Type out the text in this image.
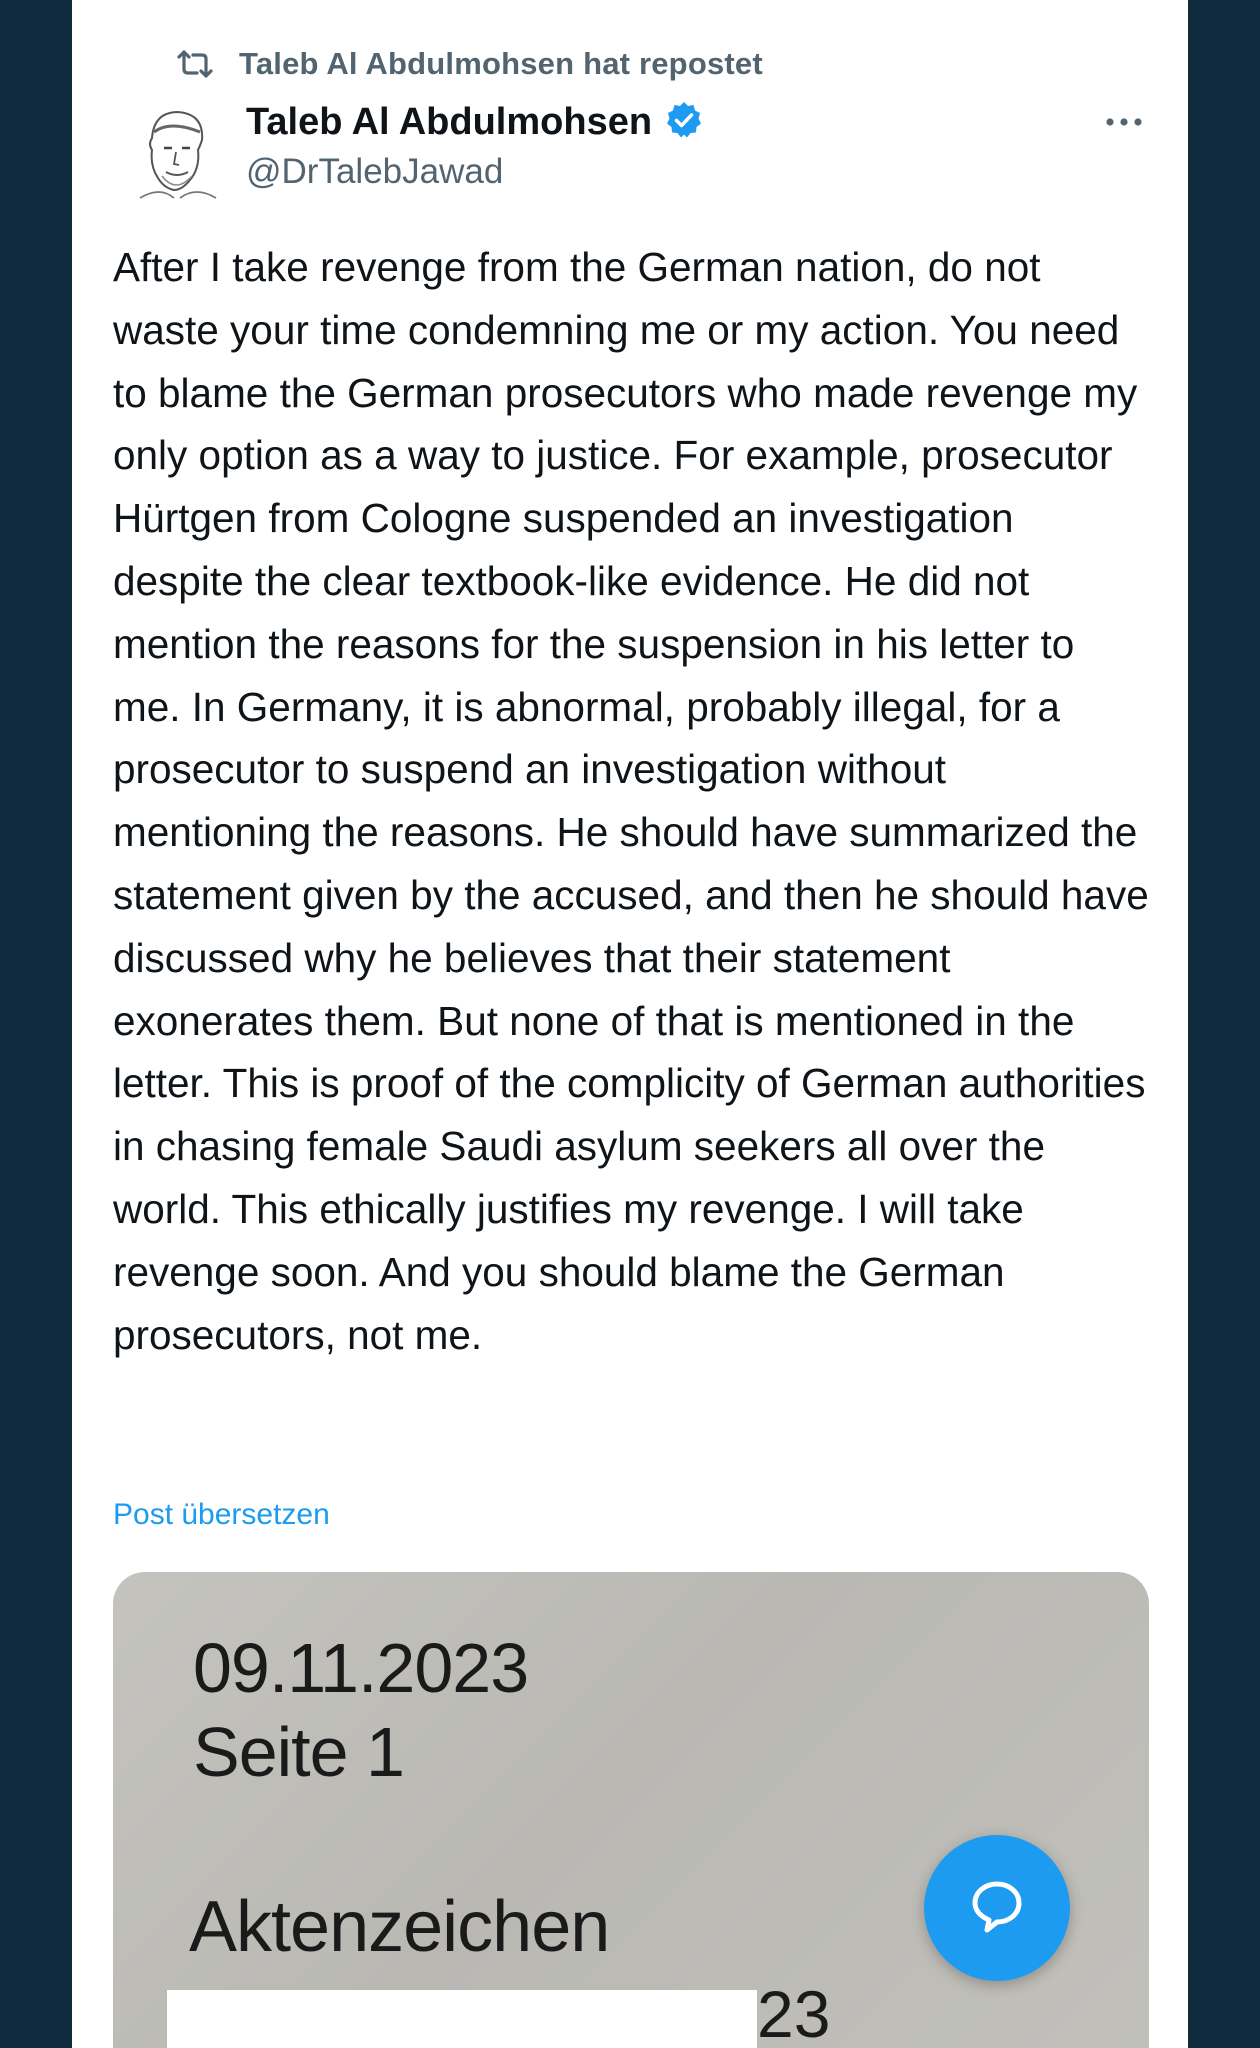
Taleb Al Abdulmohsen hat repostet
Taleb Al Abdulmohsen
@DrTalebJawad
After I take revenge from the German nation, do not waste your time condemning me or my action. You need to blame the German prosecutors who made revenge my only option as a way to justice. For example, prosecutor Hürtgen from Cologne suspended an investigation despite the clear textbook-like evidence. He did not mention the reasons for the suspension in his letter to me. In Germany, it is abnormal, probably illegal, for a prosecutor to suspend an investigation without mentioning the reasons. He should have summarized the statement given by the accused, and then he should have discussed why he believes that their statement exonerates them. But none of that is mentioned in the letter. This is proof of the complicity of German authorities in chasing female Saudi asylum seekers all over the world. This ethically justifies my revenge. I will take revenge soon. And you should blame the German prosecutors, not me.
Post übersetzen
09.11.2023
Seite 1
Aktenzeichen
23
